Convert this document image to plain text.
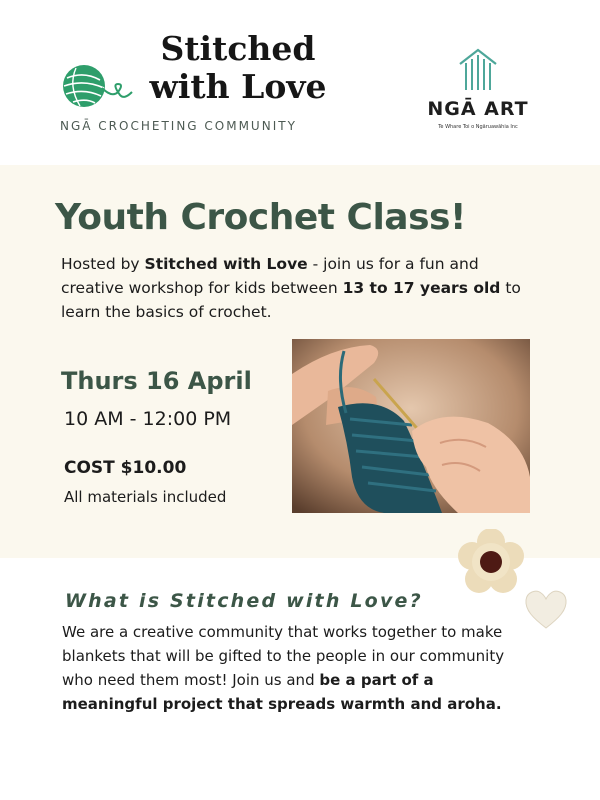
Stitched
with Love
NGĀ CROCHETING COMMUNITY
NGĀ ART
Te Whare Toi o Ngāruawāhia Inc
Youth Crochet Class!
Hosted by Stitched with Love - join us for a fun and creative workshop for kids between 13 to 17 years old to learn the basics of crochet.
Thurs 16 April
10 AM - 12:00 PM
COST $10.00
All materials included
What is Stitched with Love?
We are a creative community that works together to make blankets that will be gifted to the people in our community who need them most! Join us and be a part of a meaningful project that spreads warmth and aroha.
